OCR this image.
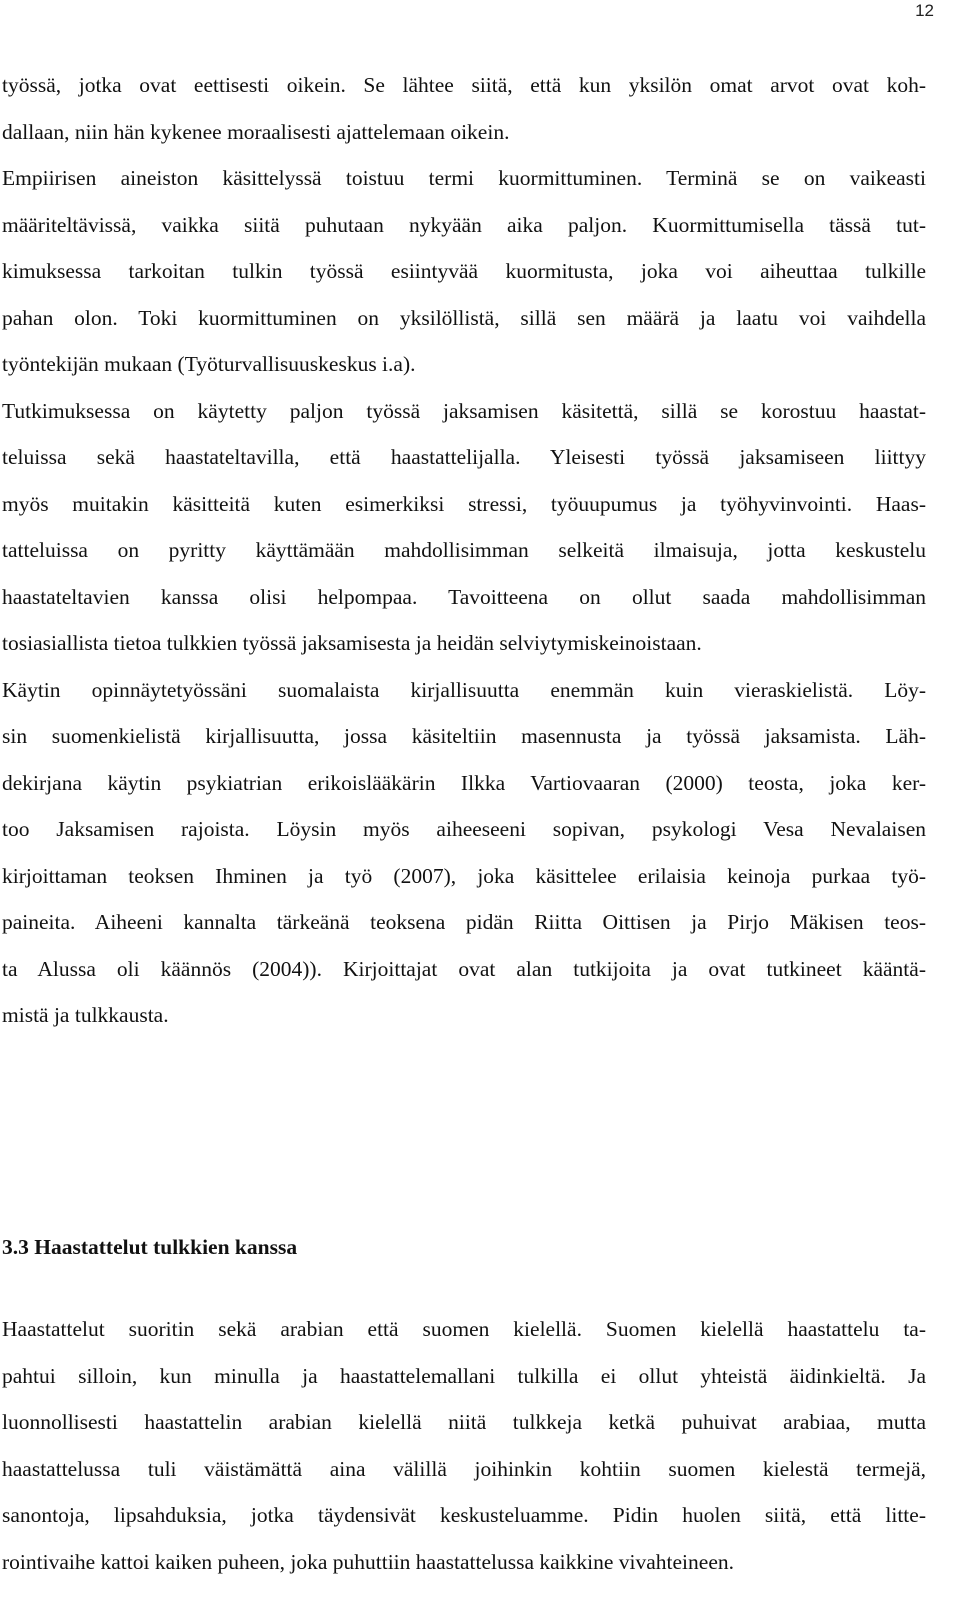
12
työssä, jotka ovat eettisesti oikein. Se lähtee siitä, että kun yksilön omat arvot ovat koh-
dallaan, niin hän kykenee moraalisesti ajattelemaan oikein.
Empiirisen aineiston käsittelyssä toistuu termi kuormittuminen. Terminä se on vaikeasti
määriteltävissä, vaikka siitä puhutaan nykyään aika paljon. Kuormittumisella tässä tut-
kimuksessa tarkoitan tulkin työssä esiintyvää kuormitusta, joka voi aiheuttaa tulkille
pahan olon. Toki kuormittuminen on yksilöllistä, sillä sen määrä ja laatu voi vaihdella
työntekijän mukaan (Työturvallisuuskeskus i.a).
Tutkimuksessa on käytetty paljon työssä jaksamisen käsitettä, sillä se korostuu haastat-
teluissa sekä haastateltavilla, että haastattelijalla. Yleisesti työssä jaksamiseen liittyy
myös muitakin käsitteitä kuten esimerkiksi stressi, työuupumus ja työhyvinvointi. Haas-
tatteluissa on pyritty käyttämään mahdollisimman selkeitä ilmaisuja, jotta keskustelu
haastateltavien kanssa olisi helpompaa. Tavoitteena on ollut saada mahdollisimman
tosiasiallista tietoa tulkkien työssä jaksamisesta ja heidän selviytymiskeinoistaan.
Käytin opinnäytetyössäni suomalaista kirjallisuutta enemmän kuin vieraskielistä. Löy-
sin suomenkielistä kirjallisuutta, jossa käsiteltiin masennusta ja työssä jaksamista. Läh-
dekirjana käytin psykiatrian erikoislääkärin Ilkka Vartiovaaran (2000) teosta, joka ker-
too Jaksamisen rajoista. Löysin myös aiheeseeni sopivan, psykologi Vesa Nevalaisen
kirjoittaman teoksen Ihminen ja työ (2007), joka käsittelee erilaisia keinoja purkaa työ-
paineita. Aiheeni kannalta tärkeänä teoksena pidän Riitta Oittisen ja Pirjo Mäkisen teos-
ta Alussa oli käännös (2004)). Kirjoittajat ovat alan tutkijoita ja ovat tutkineet kääntä-
mistä ja tulkkausta.
3.3 Haastattelut tulkkien kanssa
Haastattelut suoritin sekä arabian että suomen kielellä. Suomen kielellä haastattelu ta-
pahtui silloin, kun minulla ja haastattelemallani tulkilla ei ollut yhteistä äidinkieltä. Ja
luonnollisesti haastattelin arabian kielellä niitä tulkkeja ketkä puhuivat arabiaa, mutta
haastattelussa tuli väistämättä aina välillä joihinkin kohtiin suomen kielestä termejä,
sanontoja, lipsahduksia, jotka täydensivät keskusteluamme. Pidin huolen siitä, että litte-
rointivaihe kattoi kaiken puheen, joka puhuttiin haastattelussa kaikkine vivahteineen.
